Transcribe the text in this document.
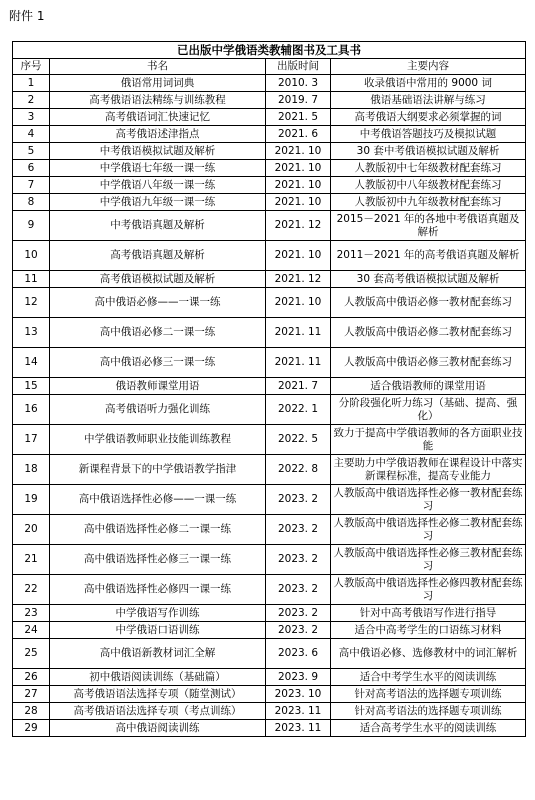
附件 1
已出版中学俄语类教辅图书及工具书			
序号	书名	出版时间	主要内容
1	俄语常用词词典	2010. 3	收录俄语中常用的 9000 词
2	高考俄语语法精练与训练教程	2019. 7	俄语基础语法讲解与练习
3	高考俄语词汇快速记忆	2021. 5	高考俄语大纲要求必须掌握的词
4	高考俄语述津指点	2021. 6	中考俄语答题技巧及模拟试题
5	中考俄语模拟试题及解析	2021. 10	30 套中考俄语模拟试题及解析
6	中学俄语七年级一课一练	2021. 10	人教版初中七年级教材配套练习
7	中学俄语八年级一课一练	2021. 10	人教版初中八年级教材配套练习
8	中学俄语九年级一课一练	2021. 10	人教版初中九年级教材配套练习
9	中考俄语真题及解析	2021. 12	2015－2021 年的各地中考俄语真题及解析
10	高考俄语真题及解析	2021. 10	2011－2021 年的高考俄语真题及解析
11	高考俄语模拟试题及解析	2021. 12	30 套高考俄语模拟试题及解析
12	高中俄语必修——一课一练	2021. 10	人教版高中俄语必修一教材配套练习
13	高中俄语必修二一课一练	2021. 11	人教版高中俄语必修二教材配套练习
14	高中俄语必修三一课一练	2021. 11	人教版高中俄语必修三教材配套练习
15	俄语教师课堂用语	2021. 7	适合俄语教师的课堂用语
16	高考俄语听力强化训练	2022. 1	分阶段强化听力练习（基础、提高、强化）
17	中学俄语教师职业技能训练教程	2022. 5	致力于提高中学俄语教师的各方面职业技能
18	新课程背景下的中学俄语教学指津	2022. 8	主要助力中学俄语教师在课程设计中落实新课程标准，提高专业能力
19	高中俄语选择性必修——一课一练	2023. 2	人教版高中俄语选择性必修一教材配套练习
20	高中俄语选择性必修二一课一练	2023. 2	人教版高中俄语选择性必修二教材配套练习
21	高中俄语选择性必修三一课一练	2023. 2	人教版高中俄语选择性必修三教材配套练习
22	高中俄语选择性必修四一课一练	2023. 2	人教版高中俄语选择性必修四教材配套练习
23	中学俄语写作训练	2023. 2	针对中高考俄语写作进行指导
24	中学俄语口语训练	2023. 2	适合中高考学生的口语练习材料
25	高中俄语新教材词汇全解	2023. 6	高中俄语必修、选修教材中的词汇解析
26	初中俄语阅读训练（基础篇）	2023. 9	适合中考学生水平的阅读训练
27	高考俄语语法选择专项（随堂测试）	2023. 10	针对高考语法的选择题专项训练
28	高考俄语语法选择专项（考点训练）	2023. 11	针对高考语法的选择题专项训练
29	高中俄语阅读训练	2023. 11	适合高考学生水平的阅读训练
